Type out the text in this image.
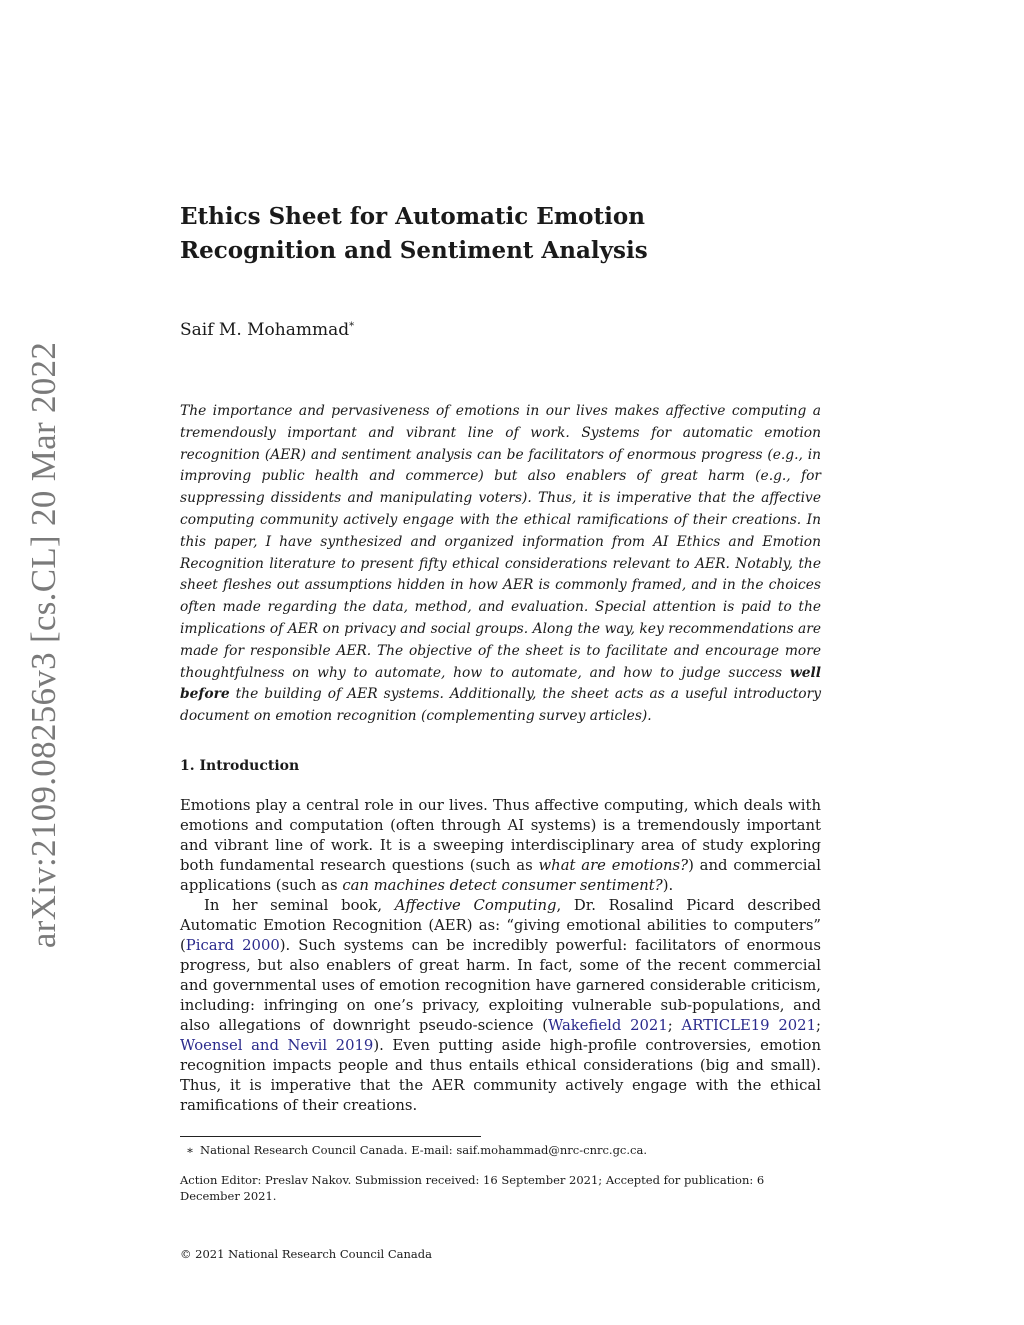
arXiv:2109.08256v3 [cs.CL] 20 Mar 2022
Ethics Sheet for Automatic Emotion
Recognition and Sentiment Analysis
Saif M. Mohammad*
The importance and pervasiveness of emotions in our lives makes affective computing a tremendously important and vibrant line of work. Systems for automatic emotion recognition (AER) and sentiment analysis can be facilitators of enormous progress (e.g., in improving public health and commerce) but also enablers of great harm (e.g., for suppressing dissidents and manipulating voters). Thus, it is imperative that the affective computing community actively engage with the ethical ramifications of their creations. In this paper, I have synthesized and organized information from AI Ethics and Emotion Recognition literature to present fifty ethical considerations relevant to AER. Notably, the sheet fleshes out assumptions hidden in how AER is commonly framed, and in the choices often made regarding the data, method, and evaluation. Special attention is paid to the implications of AER on privacy and social groups. Along the way, key recommendations are made for responsible AER. The objective of the sheet is to facilitate and encourage more thoughtfulness on why to automate, how to automate, and how to judge success well before the building of AER systems. Additionally, the sheet acts as a useful introductory document on emotion recognition (complementing survey articles).
1. Introduction

Emotions play a central role in our lives. Thus affective computing, which deals with emotions and computation (often through AI systems) is a tremendously important and vibrant line of work. It is a sweeping interdisciplinary area of study exploring both fundamental research questions (such as what are emotions?) and commercial applications (such as can machines detect consumer sentiment?).

In her seminal book, Affective Computing, Dr. Rosalind Picard described Automatic Emotion Recognition (AER) as: “giving emotional abilities to computers” (Picard 2000). Such systems can be incredibly powerful: facilitators of enormous progress, but also enablers of great harm. In fact, some of the recent commercial and governmental uses of emotion recognition have garnered considerable criticism, including: infringing on one’s privacy, exploiting vulnerable sub-populations, and also allegations of downright pseudo-science (Wakefield 2021; ARTICLE19 2021; Woensel and Nevil 2019). Even putting aside high-profile controversies, emotion recognition impacts people and thus entails ethical considerations (big and small). Thus, it is imperative that the AER community actively engage with the ethical ramifications of their creations.

∗ National Research Council Canada. E-mail: saif.mohammad@nrc-cnrc.gc.ca.
Action Editor: Preslav Nakov. Submission received: 16 September 2021; Accepted for publication: 6 December 2021.
© 2021 National Research Council Canada
